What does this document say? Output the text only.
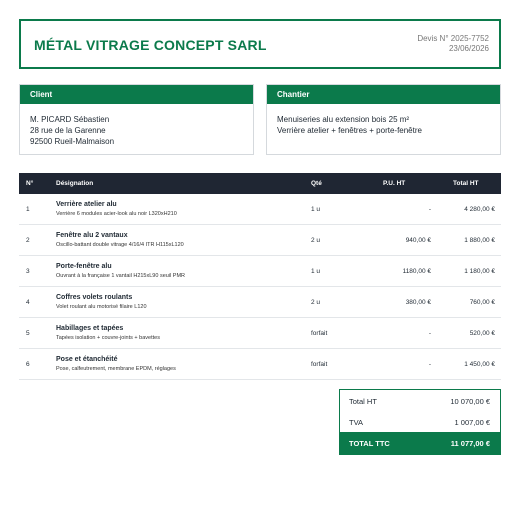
MÉTAL VITRAGE CONCEPT SARL	Devis N° 2025-7752
23/06/2026
Client
M. PICARD Sébastien
28 rue de la Garenne
92500 Rueil-Malmaison
Chantier
Menuiseries alu extension bois 25 m²
Verrière atelier + fenêtres + porte-fenêtre
N°	Désignation	Qté	P.U. HT	Total HT
1	Verrière atelier alu
Verrière 6 modules acier-look alu noir L320xH210	1 u	-	4 280,00 €
2	Fenêtre alu 2 vantaux
Oscillo-battant double vitrage 4/16/4 ITR H115xL120	2 u	940,00 €	1 880,00 €
3	Porte-fenêtre alu
Ouvrant à la française 1 vantail H215xL90 seuil PMR	1 u	1180,00 €	1 180,00 €
4	Coffres volets roulants
Volet roulant alu motorisé filaire L120	2 u	380,00 €	760,00 €
5	Habillages et tapées
Tapées isolation + couvre-joints + bavettes	forfait	-	520,00 €
6	Pose et étanchéité
Pose, calfeutrement, membrane EPDM, réglages	forfait	-	1 450,00 €
Total HT	10 070,00 €
TVA	1 007,00 €
TOTAL TTC	11 077,00 €
